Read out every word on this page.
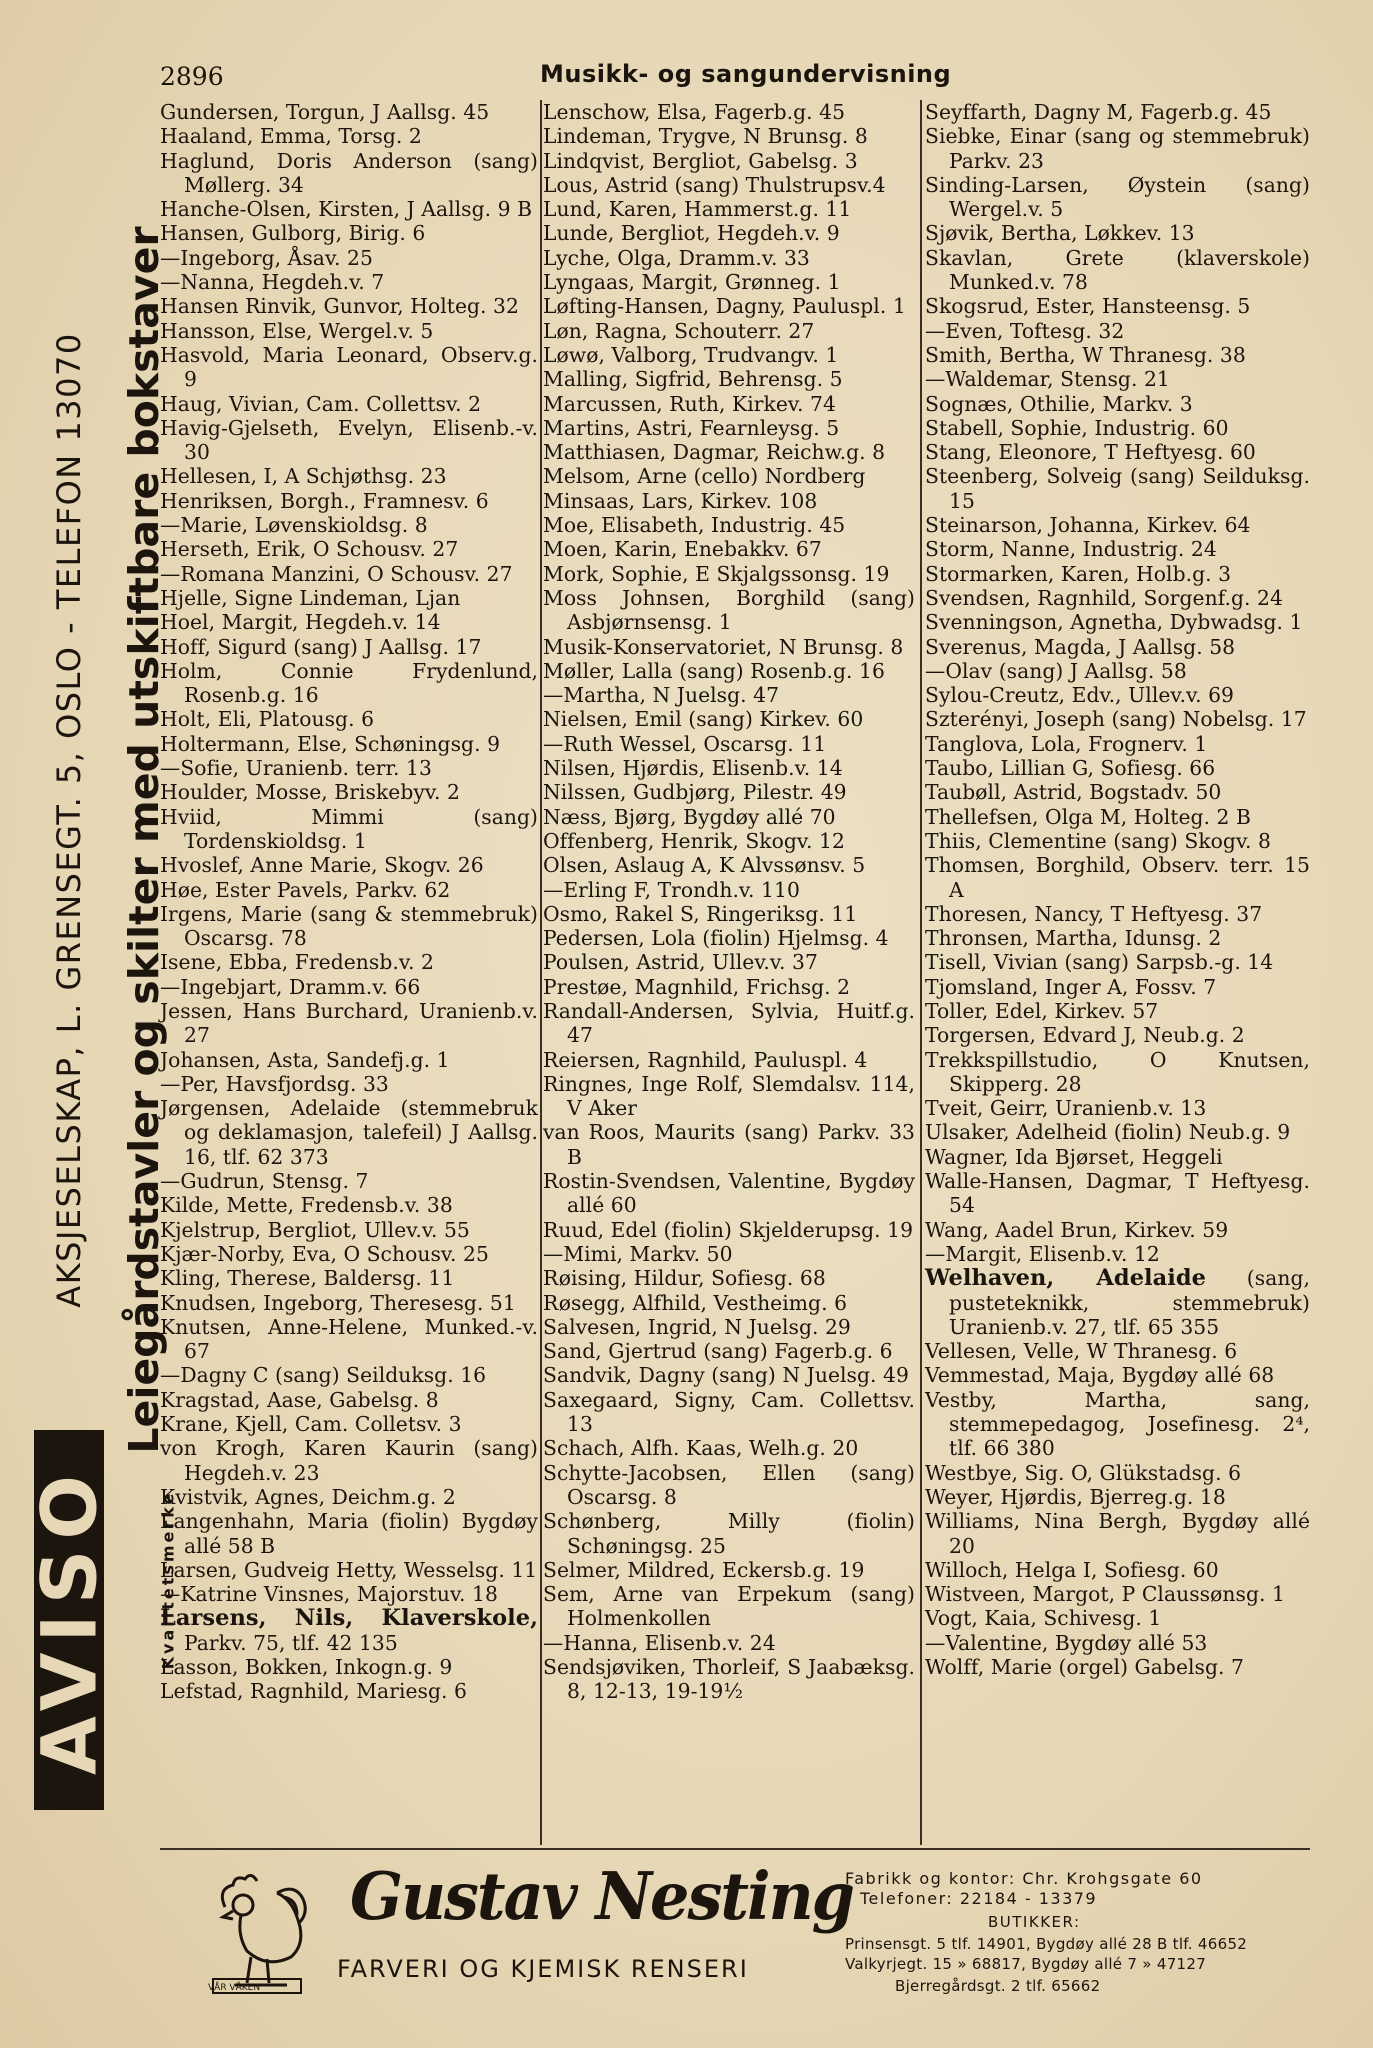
2896	Musikk- og sangundervisning
AVISO
AKSJESELSKAP, L. GRENSEGT. 5, OSLO - TELEFON 13070 Leiegårdstavler og skilter med utskiftbare bokstaver
Kvalitetsmerke
Gundersen, Torgun, J Aallsg. 45
Haaland, Emma, Torsg. 2
Haglund, Doris Anderson (sang) Møllerg. 34
Hanche-Olsen, Kirsten, J Aallsg. 9 B
Hansen, Gulborg, Birig. 6
—Ingeborg, Åsav. 25
—Nanna, Hegdeh.v. 7
Hansen Rinvik, Gunvor, Holteg. 32
Hansson, Else, Wergel.v. 5
Hasvold, Maria Leonard, Observ.g. 9
Haug, Vivian, Cam. Collettsv. 2
Havig-Gjelseth, Evelyn, Elisenb.-v. 30
Hellesen, I, A Schjøthsg. 23
Henriksen, Borgh., Framnesv. 6
—Marie, Løvenskioldsg. 8
Herseth, Erik, O Schousv. 27
—Romana Manzini, O Schousv. 27
Hjelle, Signe Lindeman, Ljan
Hoel, Margit, Hegdeh.v. 14
Hoff, Sigurd (sang) J Aallsg. 17
Holm, Connie Frydenlund, Rosenb.g. 16
Holt, Eli, Platousg. 6
Holtermann, Else, Schøningsg. 9
—Sofie, Uranienb. terr. 13
Houlder, Mosse, Briskebyv. 2
Hviid, Mimmi (sang) Tordenskioldsg. 1
Hvoslef, Anne Marie, Skogv. 26
Høe, Ester Pavels, Parkv. 62
Irgens, Marie (sang & stemmebruk) Oscarsg. 78
Isene, Ebba, Fredensb.v. 2
—Ingebjart, Dramm.v. 66
Jessen, Hans Burchard, Uranienb.v. 27
Johansen, Asta, Sandefj.g. 1
—Per, Havsfjordsg. 33
Jørgensen, Adelaide (stemmebruk og deklamasjon, talefeil) J Aallsg. 16, tlf. 62 373
—Gudrun, Stensg. 7
Kilde, Mette, Fredensb.v. 38
Kjelstrup, Bergliot, Ullev.v. 55
Kjær-Norby, Eva, O Schousv. 25
Kling, Therese, Baldersg. 11
Knudsen, Ingeborg, Theresesg. 51
Knutsen, Anne-Helene, Munked.-v. 67
—Dagny C (sang) Seilduksg. 16
Kragstad, Aase, Gabelsg. 8
Krane, Kjell, Cam. Colletsv. 3
von Krogh, Karen Kaurin (sang) Hegdeh.v. 23
Kvistvik, Agnes, Deichm.g. 2
Langenhahn, Maria (fiolin) Bygdøy allé 58 B
Larsen, Gudveig Hetty, Wesselsg. 11
—Katrine Vinsnes, Majorstuv. 18
Larsens, Nils, Klaverskole, Parkv. 75, tlf. 42 135
Lasson, Bokken, Inkogn.g. 9
Lefstad, Ragnhild, Mariesg. 6
Lenschow, Elsa, Fagerb.g. 45
Lindeman, Trygve, N Brunsg. 8
Lindqvist, Bergliot, Gabelsg. 3
Lous, Astrid (sang) Thulstrupsv.4
Lund, Karen, Hammerst.g. 11
Lunde, Bergliot, Hegdeh.v. 9
Lyche, Olga, Dramm.v. 33
Lyngaas, Margit, Grønneg. 1
Løfting-Hansen, Dagny, Pauluspl. 1
Løn, Ragna, Schouterr. 27
Løwø, Valborg, Trudvangv. 1
Malling, Sigfrid, Behrensg. 5
Marcussen, Ruth, Kirkev. 74
Martins, Astri, Fearnleysg. 5
Matthiasen, Dagmar, Reichw.g. 8
Melsom, Arne (cello) Nordberg
Minsaas, Lars, Kirkev. 108
Moe, Elisabeth, Industrig. 45
Moen, Karin, Enebakkv. 67
Mork, Sophie, E Skjalgssonsg. 19
Moss Johnsen, Borghild (sang) Asbjørnsensg. 1
Musik-Konservatoriet, N Brunsg. 8
Møller, Lalla (sang) Rosenb.g. 16
—Martha, N Juelsg. 47
Nielsen, Emil (sang) Kirkev. 60
—Ruth Wessel, Oscarsg. 11
Nilsen, Hjørdis, Elisenb.v. 14
Nilssen, Gudbjørg, Pilestr. 49
Næss, Bjørg, Bygdøy allé 70
Offenberg, Henrik, Skogv. 12
Olsen, Aslaug A, K Alvssønsv. 5
—Erling F, Trondh.v. 110
Osmo, Rakel S, Ringeriksg. 11
Pedersen, Lola (fiolin) Hjelmsg. 4
Poulsen, Astrid, Ullev.v. 37
Prestøe, Magnhild, Frichsg. 2
Randall-Andersen, Sylvia, Huitf.g. 47
Reiersen, Ragnhild, Pauluspl. 4
Ringnes, Inge Rolf, Slemdalsv. 114, V Aker
van Roos, Maurits (sang) Parkv. 33 B
Rostin-Svendsen, Valentine, Bygdøy allé 60
Ruud, Edel (fiolin) Skjelderupsg. 19
—Mimi, Markv. 50
Røising, Hildur, Sofiesg. 68
Røsegg, Alfhild, Vestheimg. 6
Salvesen, Ingrid, N Juelsg. 29
Sand, Gjertrud (sang) Fagerb.g. 6
Sandvik, Dagny (sang) N Juelsg. 49
Saxegaard, Signy, Cam. Collettsv. 13
Schach, Alfh. Kaas, Welh.g. 20
Schytte-Jacobsen, Ellen (sang) Oscarsg. 8
Schønberg, Milly (fiolin) Schøningsg. 25
Selmer, Mildred, Eckersb.g. 19
Sem, Arne van Erpekum (sang) Holmenkollen
—Hanna, Elisenb.v. 24
Sendsjøviken, Thorleif, S Jaabæksg. 8, 12-13, 19-19½
Seyffarth, Dagny M, Fagerb.g. 45
Siebke, Einar (sang og stemmebruk) Parkv. 23
Sinding-Larsen, Øystein (sang) Wergel.v. 5
Sjøvik, Bertha, Løkkev. 13
Skavlan, Grete (klaverskole) Munked.v. 78
Skogsrud, Ester, Hansteensg. 5
—Even, Toftesg. 32
Smith, Bertha, W Thranesg. 38
—Waldemar, Stensg. 21
Sognæs, Othilie, Markv. 3
Stabell, Sophie, Industrig. 60
Stang, Eleonore, T Heftyesg. 60
Steenberg, Solveig (sang) Seilduksg. 15
Steinarson, Johanna, Kirkev. 64
Storm, Nanne, Industrig. 24
Stormarken, Karen, Holb.g. 3
Svendsen, Ragnhild, Sorgenf.g. 24
Svenningson, Agnetha, Dybwadsg. 1
Sverenus, Magda, J Aallsg. 58
—Olav (sang) J Aallsg. 58
Sylou-Creutz, Edv., Ullev.v. 69
Szterényi, Joseph (sang) Nobelsg. 17
Tanglova, Lola, Frognerv. 1
Taubo, Lillian G, Sofiesg. 66
Taubøll, Astrid, Bogstadv. 50
Thellefsen, Olga M, Holteg. 2 B
Thiis, Clementine (sang) Skogv. 8
Thomsen, Borghild, Observ. terr. 15 A
Thoresen, Nancy, T Heftyesg. 37
Thronsen, Martha, Idunsg. 2
Tisell, Vivian (sang) Sarpsb.-g. 14
Tjomsland, Inger A, Fossv. 7
Toller, Edel, Kirkev. 57
Torgersen, Edvard J, Neub.g. 2
Trekkspillstudio, O Knutsen, Skipperg. 28
Tveit, Geirr, Uranienb.v. 13
Ulsaker, Adelheid (fiolin) Neub.g. 9
Wagner, Ida Bjørset, Heggeli
Walle-Hansen, Dagmar, T Heftyesg. 54
Wang, Aadel Brun, Kirkev. 59
—Margit, Elisenb.v. 12
Welhaven, Adelaide (sang, pusteteknikk, stemmebruk) Uranienb.v. 27, tlf. 65 355
Vellesen, Velle, W Thranesg. 6
Vemmestad, Maja, Bygdøy allé 68
Vestby, Martha, sang, stemmepedagog, Josefinesg. 2⁴, tlf. 66 380
Westbye, Sig. O, Glükstadsg. 6
Weyer, Hjørdis, Bjerreg.g. 18
Williams, Nina Bergh, Bygdøy allé 20
Willoch, Helga I, Sofiesg. 60
Wistveen, Margot, P Claussønsg. 1
Vogt, Kaia, Schivesg. 1
—Valentine, Bygdøy allé 53
Wolff, Marie (orgel) Gabelsg. 7
VÅR VÅKEN
Gustav Nesting
FARVERI OG KJEMISK RENSERI
Fabrikk og kontor: Chr. Krohgsgate 60
Telefoner: 22184 - 13379
BUTIKKER:
Prinsensgt. 5 tlf. 14901, Bygdøy allé 28 B tlf. 46652
Valkyrjegt. 15 » 68817, Bygdøy allé 7 » 47127
Bjerregårdsgt. 2 tlf. 65662
